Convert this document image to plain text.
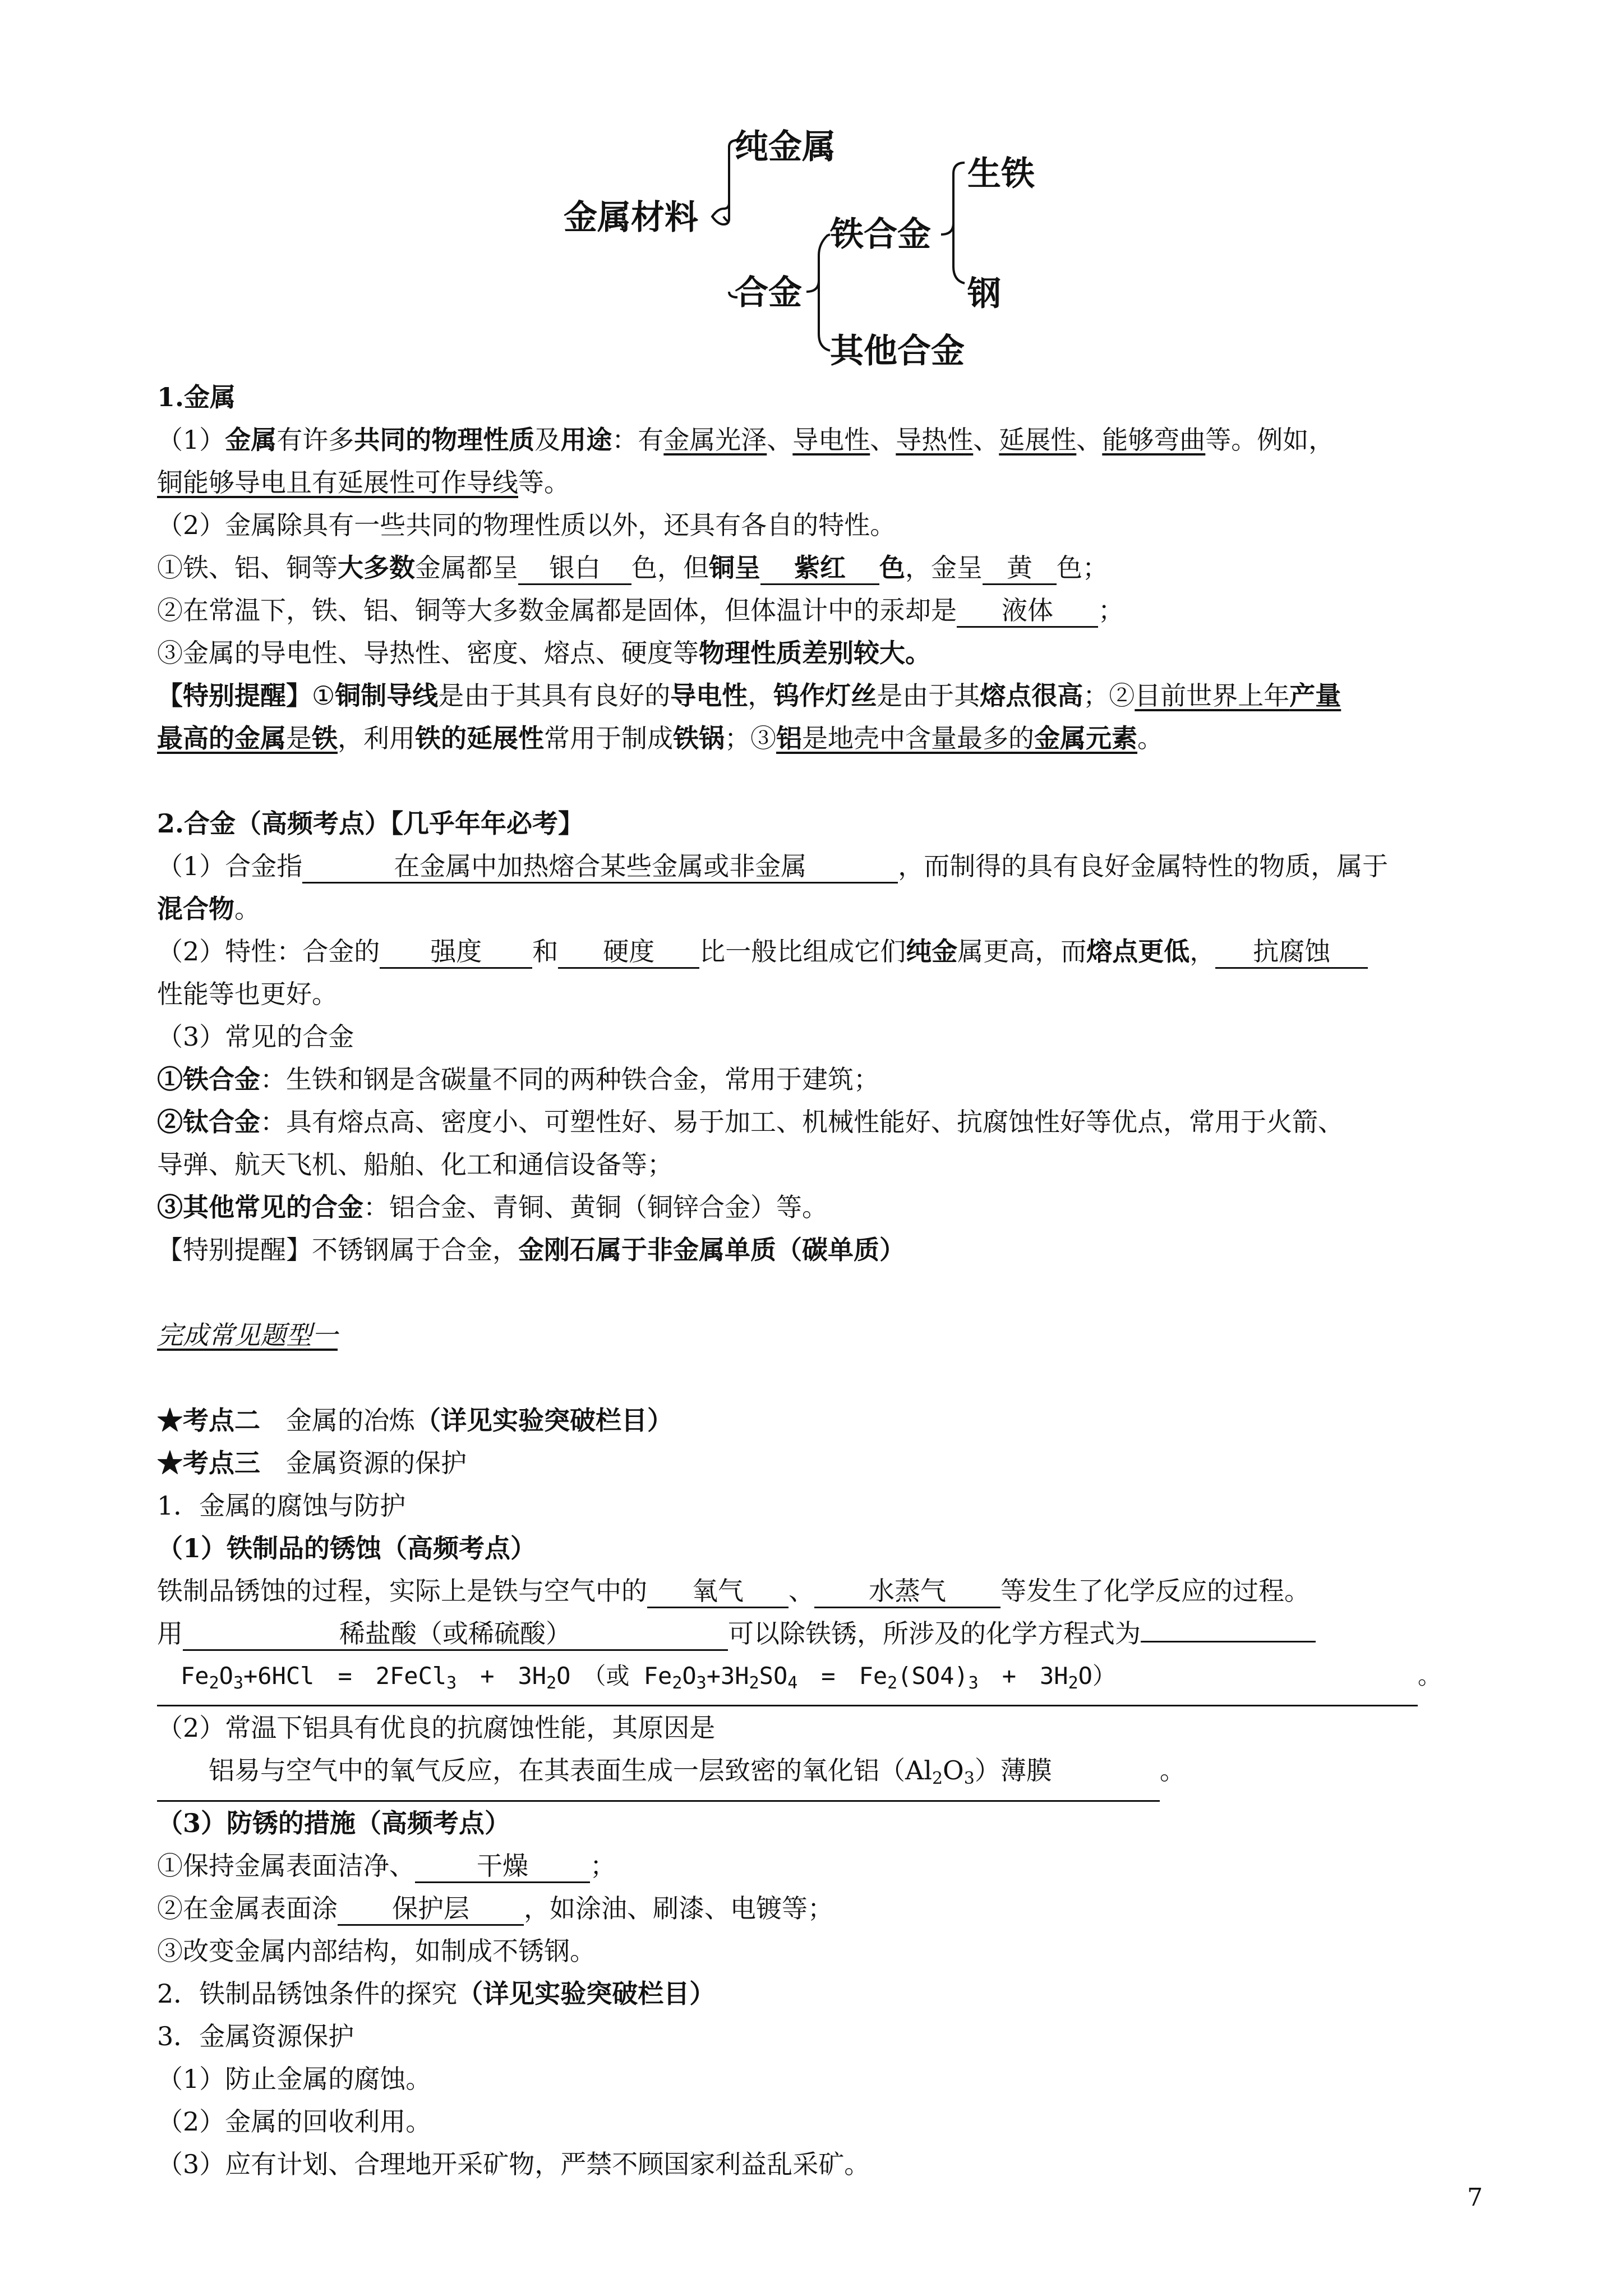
金属材料
纯金属
合金
铁合金
其他合金
生铁
钢
1.金属
（1）金属有许多共同的物理性质及用途：有金属光泽、导电性、导热性、延展性、能够弯曲等。例如，
铜能够导电且有延展性可作导线等。
（2）金属除具有一些共同的物理性质以外，还具有各自的特性。
①铁、铝、铜等大多数金属都呈 银白 色，但铜呈 紫红 色，金呈 黄 色；
②在常温下，铁、铝、铜等大多数金属都是固体，但体温计中的汞却是 液体 ；
③金属的导电性、导热性、密度、熔点、硬度等物理性质差别较大。
【特别提醒】①铜制导线是由于其具有良好的导电性，钨作灯丝是由于其熔点很高；②目前世界上年产量
最高的金属是铁，利用铁的延展性常用于制成铁锅；③铝是地壳中含量最多的金属元素。
2.合金（高频考点）【几乎年年必考】
（1）合金指	在金属中加热熔合某些金属或非金属	，而制得的具有良好金属特性的物质，属于
混合物。
（2）特性：合金的 强度 和 硬度 比一般比组成它们纯金属更高，而熔点更低， 抗腐蚀
性能等也更好。
（3）常见的合金
①铁合金：生铁和钢是含碳量不同的两种铁合金，常用于建筑；
②钛合金：具有熔点高、密度小、可塑性好、易于加工、机械性能好、抗腐蚀性好等优点，常用于火箭、
导弹、航天飞机、船舶、化工和通信设备等；
③其他常见的合金：铝合金、青铜、黄铜（铜锌合金）等。
【特别提醒】不锈钢属于合金，金刚石属于非金属单质（碳单质）
完成常见题型一
★考点二　 金属的冶炼（详见实验突破栏目）
★考点三　 金属资源的保护
1．金属的腐蚀与防护
（1）铁制品的锈蚀（高频考点）
铁制品锈蚀的过程，实际上是铁与空气中的 氧气 、 水蒸气 等发生了化学反应的过程。
用	稀盐酸（或稀硫酸）	可以除铁锈，所涉及的化学方程式为
　$Fe_2O_3+6HCl$　=　2FeCl$_3$　+　$3H_2O$　（或 $Fe_2O_3+3H_2SO_4$　=　$Fe_2(SO4)_3$　+　$3H_2O$）	。
（2）常温下铝具有优良的抗腐蚀性能，其原因是
　　铝易与空气中的氧气反应，在其表面生成一层致密的氧化铝$(Al_2O_3)$薄膜　　　　	。
（3）防锈的措施（高频考点）
①保持金属表面洁净、 干燥 ；
②在金属表面涂 保护层 ，如涂油、刷漆、电镀等；
③改变金属内部结构，如制成不锈钢。
2．铁制品锈蚀条件的探究（详见实验突破栏目）
3．金属资源保护
（1）防止金属的腐蚀。
（2）金属的回收利用。
（3）应有计划、合理地开采矿物，严禁不顾国家利益乱采矿。
7
